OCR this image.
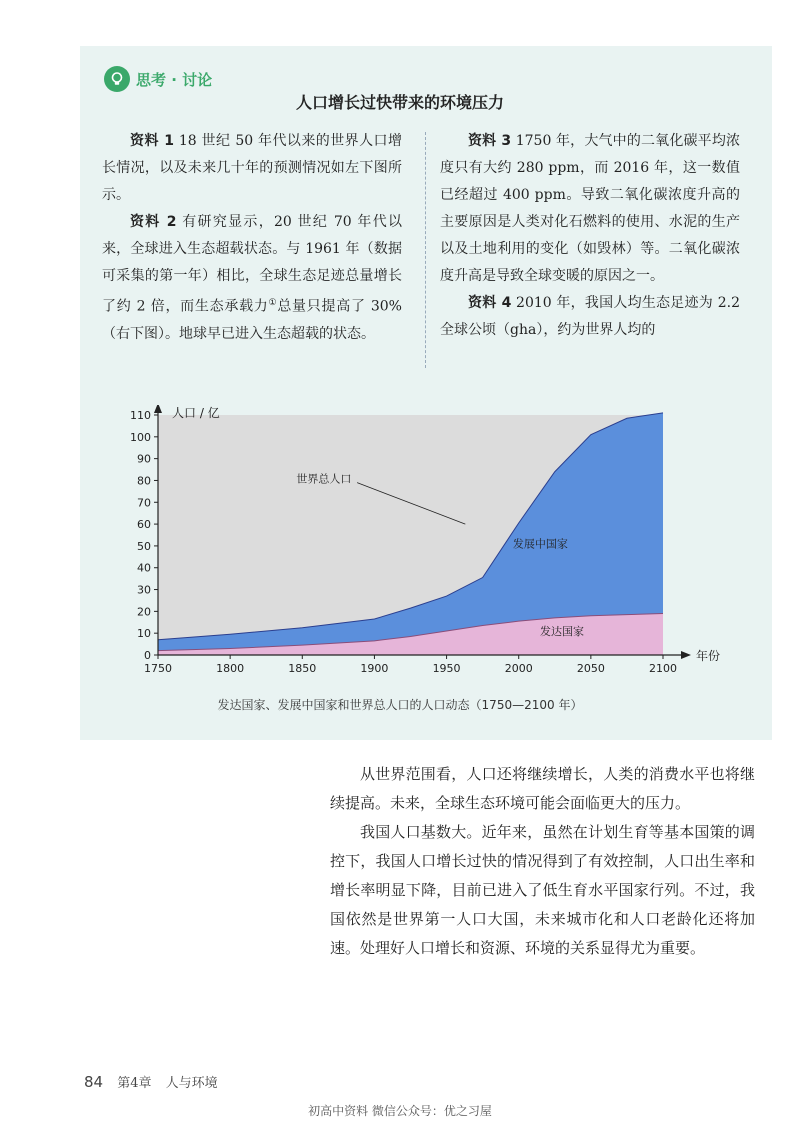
思考 · 讨论
人口增长过快带来的环境压力

资料 1 18 世纪 50 年代以来的世界人口增长情况，以及未来几十年的预测情况如左下图所示。

资料 2 有研究显示，20 世纪 70 年代以来，全球进入生态超载状态。与 1961 年（数据可采集的第一年）相比，全球生态足迹总量增长了约 2 倍，而生态承载力①总量只提高了 30%（右下图）。地球早已进入生态超载的状态。

资料 3 1750 年，大气中的二氧化碳平均浓度只有大约 280 ppm，而 2016 年，这一数值已经超过 400 ppm。导致二氧化碳浓度升高的主要原因是人类对化石燃料的使用、水泥的生产以及土地利用的变化（如毁林）等。二氧化碳浓度升高是导致全球变暖的原因之一。

资料 4 2010 年，我国人均生态足迹为 2.2 全球公顷（gha），约为世界人均的

0
10
20
30
40
50
60
70
80
90
100
110
1750	1800	1850	1900	1950	2000	2050	2100
人口 / 亿
年份
世界总人口
发展中国家
发达国家
发达国家、发展中国家和世界总人口的人口动态（1750—2100 年）

从世界范围看，人口还将继续增长，人类的消费水平也将继续提高。未来，全球生态环境可能会面临更大的压力。

我国人口基数大。近年来，虽然在计划生育等基本国策的调控下，我国人口增长过快的情况得到了有效控制，人口出生率和增长率明显下降，目前已进入了低生育水平国家行列。不过，我国依然是世界第一人口大国，未来城市化和人口老龄化还将加速。处理好人口增长和资源、环境的关系显得尤为重要。

84 第4章 人与环境
初高中资料 微信公众号：优之习屋
